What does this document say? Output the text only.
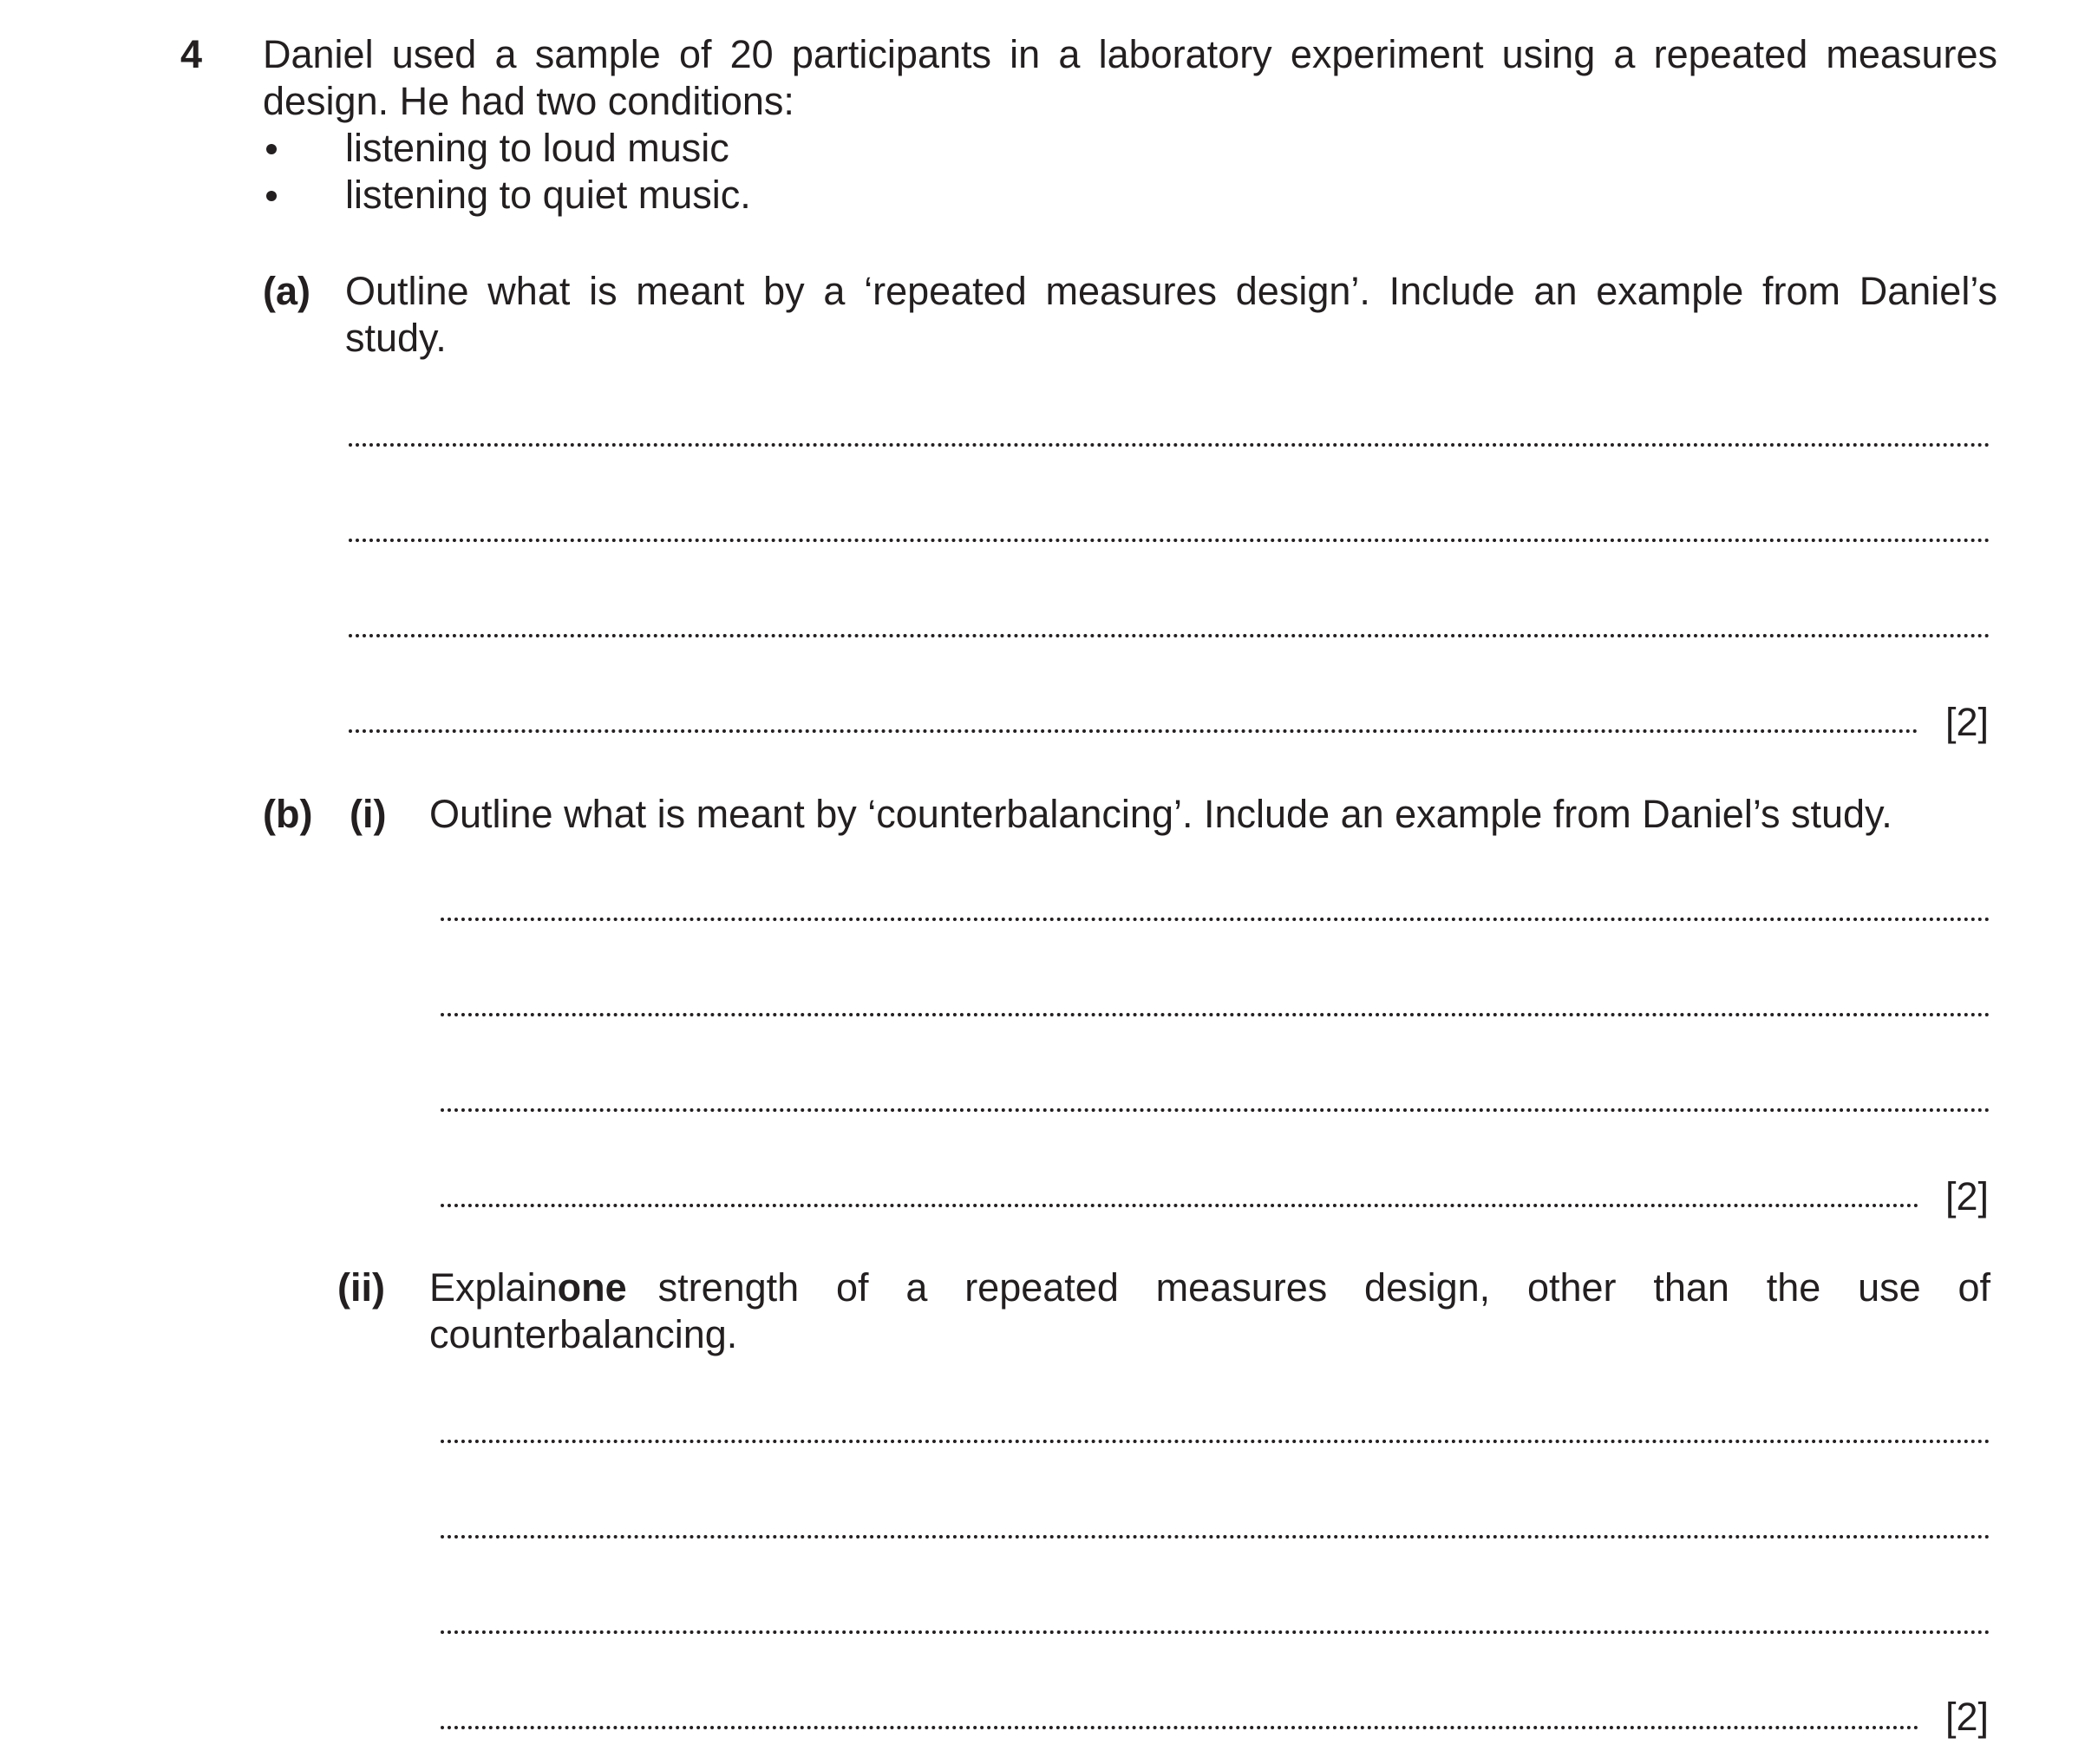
4 Daniel used a sample of 20 participants in a laboratory experiment using a repeated measures
design. He had two conditions:
listening to loud music
listening to quiet music.
(a) Outline what is meant by a ‘repeated measures design’. Include an example from Daniel’s
study.
[2]
(b) (i) Outline what is meant by ‘counterbalancing’. Include an example from Daniel’s study.
[2]
(ii) Explain one strength of a repeated measures design, other than the use of
counterbalancing.
[2]
